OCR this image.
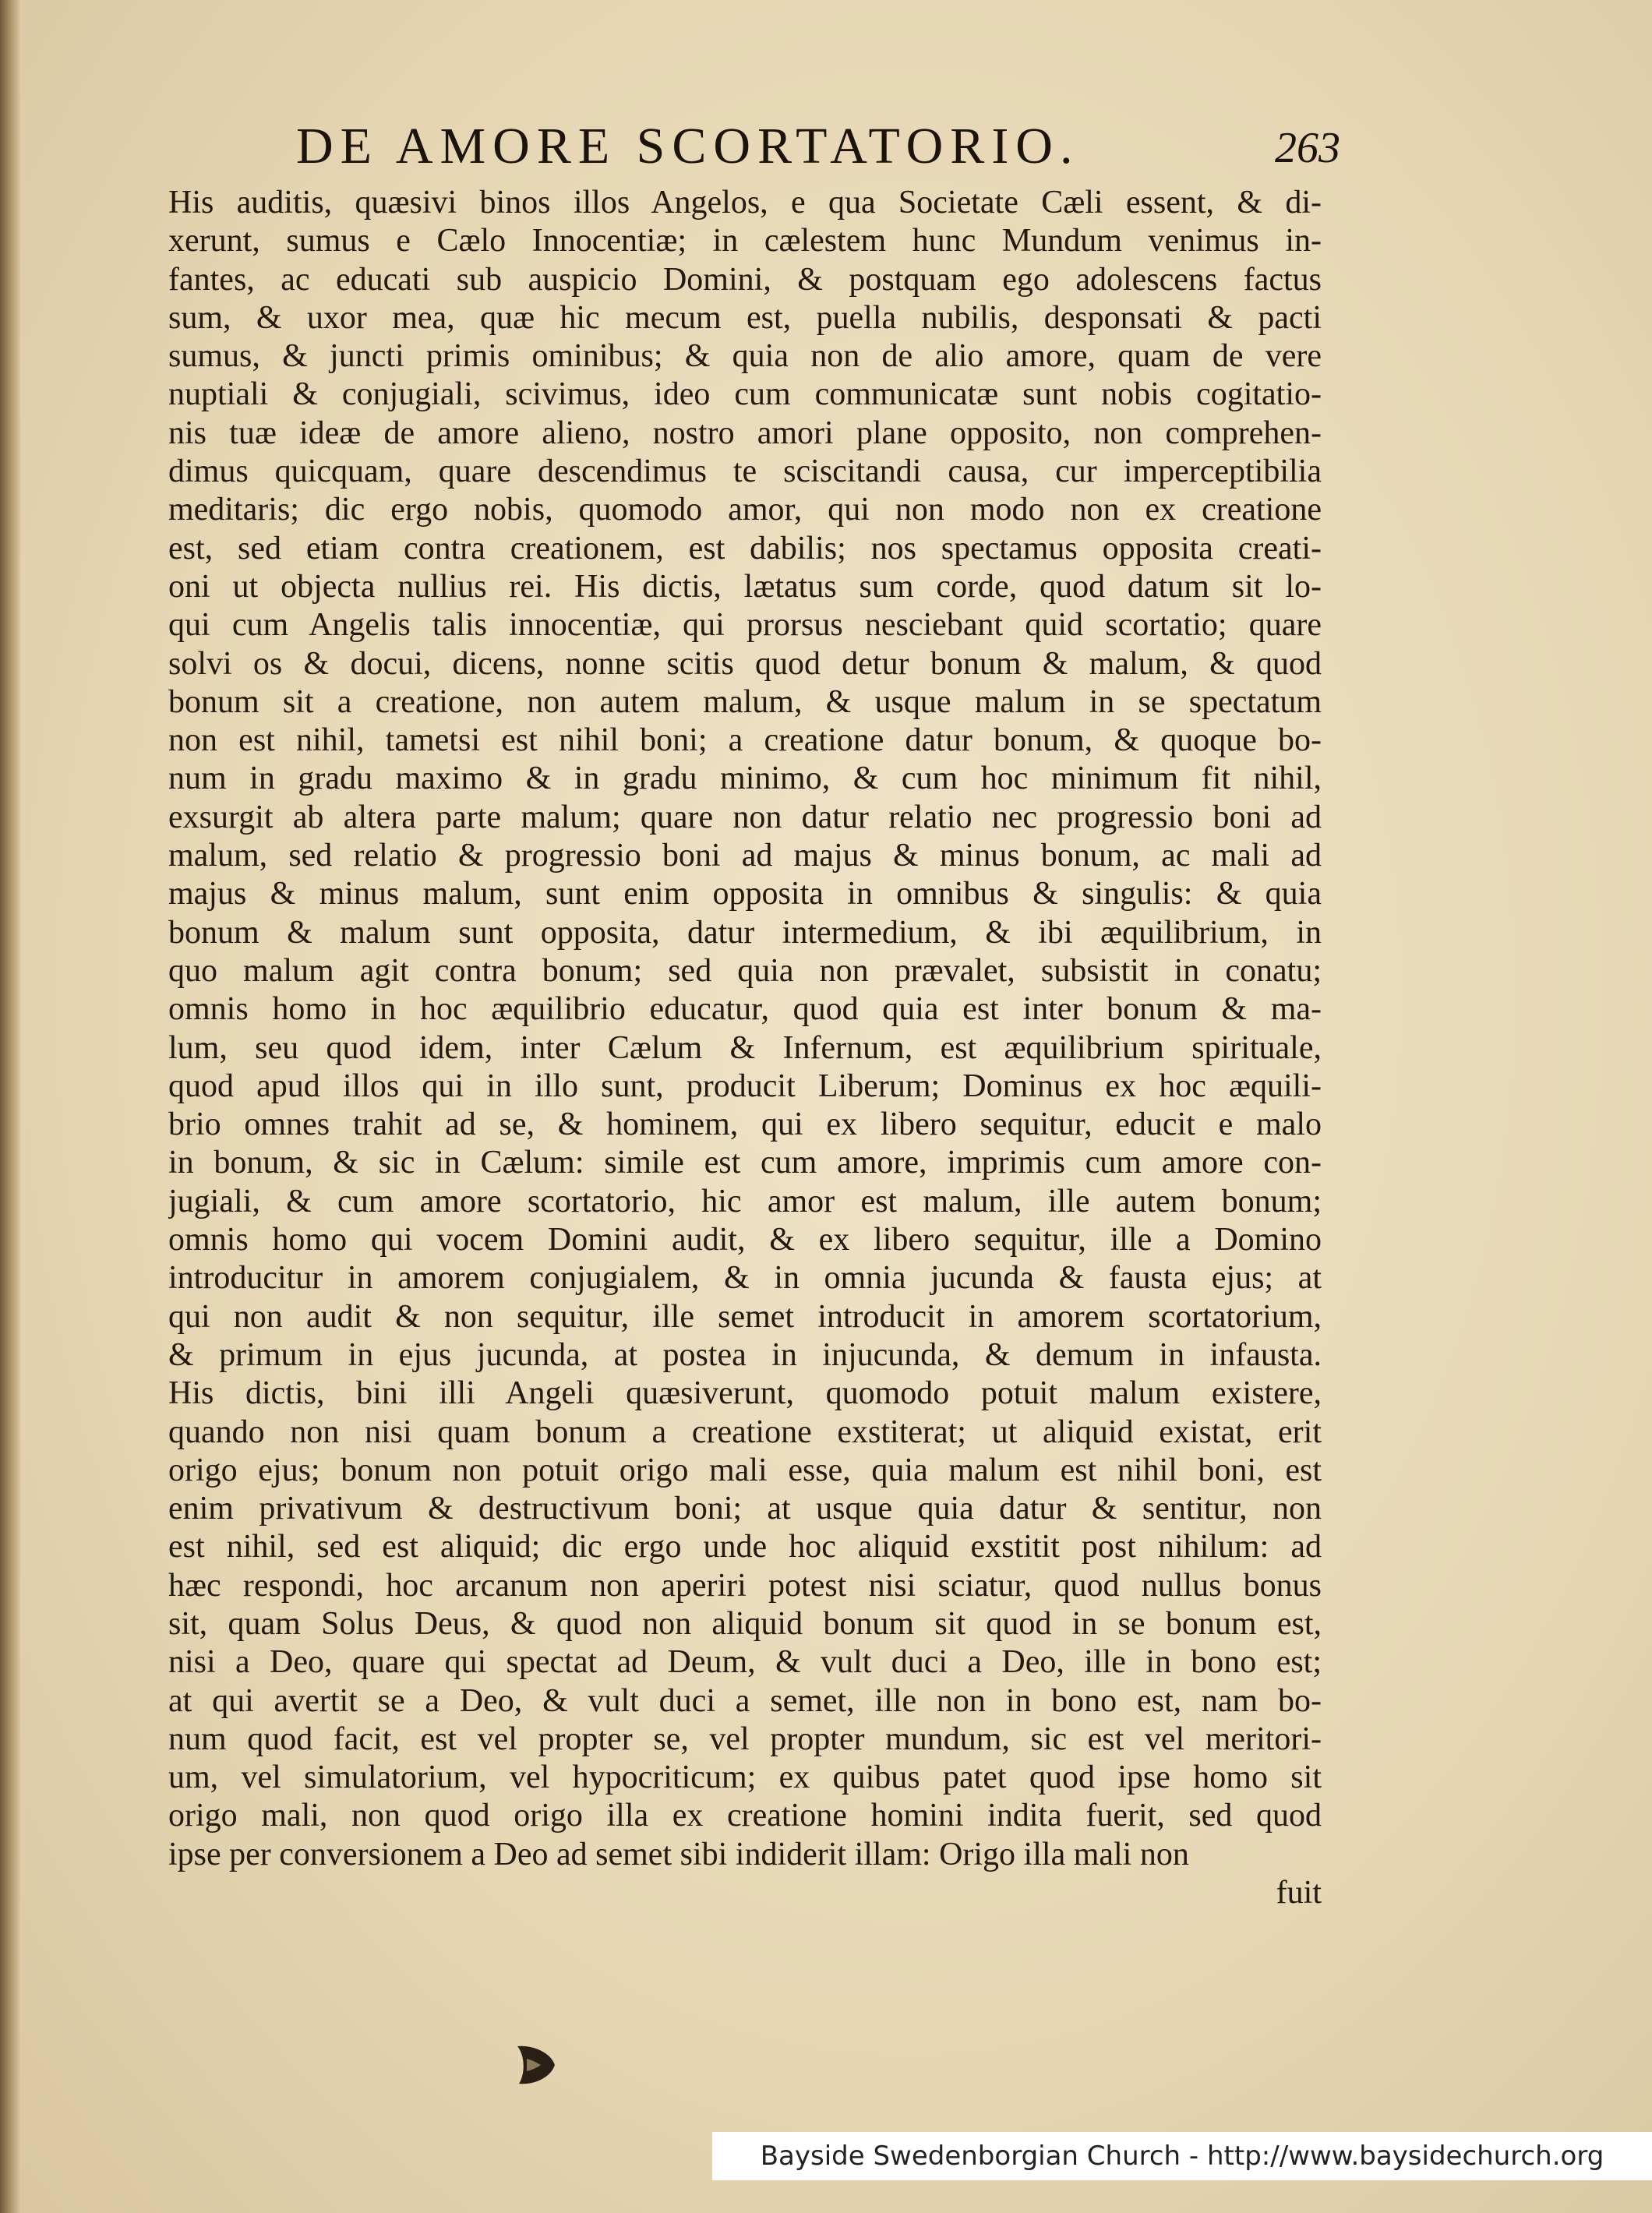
DE AMORE SCORTATORIO.	263
His auditis, quæsivi binos illos Angelos, e qua Societate Cæli essent, & di-
xerunt, sumus e Cælo Innocentiæ; in cælestem hunc Mundum venimus in-
fantes, ac educati sub auspicio Domini, & postquam ego adolescens factus
sum, & uxor mea, quæ hic mecum est, puella nubilis, desponsati & pacti
sumus, & juncti primis ominibus; & quia non de alio amore, quam de vere
nuptiali & conjugiali, scivimus, ideo cum communicatæ sunt nobis cogitatio-
nis tuæ ideæ de amore alieno, nostro amori plane opposito, non comprehen-
dimus quicquam, quare descendimus te sciscitandi causa, cur imperceptibilia
meditaris; dic ergo nobis, quomodo amor, qui non modo non ex creatione
est, sed etiam contra creationem, est dabilis; nos spectamus opposita creati-
oni ut objecta nullius rei. His dictis, lætatus sum corde, quod datum sit lo-
qui cum Angelis talis innocentiæ, qui prorsus nesciebant quid scortatio; quare
solvi os & docui, dicens, nonne scitis quod detur bonum & malum, & quod
bonum sit a creatione, non autem malum, & usque malum in se spectatum
non est nihil, tametsi est nihil boni; a creatione datur bonum, & quoque bo-
num in gradu maximo & in gradu minimo, & cum hoc minimum fit nihil,
exsurgit ab altera parte malum; quare non datur relatio nec progressio boni ad
malum, sed relatio & progressio boni ad majus & minus bonum, ac mali ad
majus & minus malum, sunt enim opposita in omnibus & singulis: & quia
bonum & malum sunt opposita, datur intermedium, & ibi æquilibrium, in
quo malum agit contra bonum; sed quia non prævalet, subsistit in conatu;
omnis homo in hoc æquilibrio educatur, quod quia est inter bonum & ma-
lum, seu quod idem, inter Cælum & Infernum, est æquilibrium spirituale,
quod apud illos qui in illo sunt, producit Liberum; Dominus ex hoc æquili-
brio omnes trahit ad se, & hominem, qui ex libero sequitur, educit e malo
in bonum, & sic in Cælum: simile est cum amore, imprimis cum amore con-
jugiali, & cum amore scortatorio, hic amor est malum, ille autem bonum;
omnis homo qui vocem Domini audit, & ex libero sequitur, ille a Domino
introducitur in amorem conjugialem, & in omnia jucunda & fausta ejus; at
qui non audit & non sequitur, ille semet introducit in amorem scortatorium,
& primum in ejus jucunda, at postea in injucunda, & demum in infausta.
His dictis, bini illi Angeli quæsiverunt, quomodo potuit malum existere,
quando non nisi quam bonum a creatione exstiterat; ut aliquid existat, erit
origo ejus; bonum non potuit origo mali esse, quia malum est nihil boni, est
enim privativum & destructivum boni; at usque quia datur & sentitur, non
est nihil, sed est aliquid; dic ergo unde hoc aliquid exstitit post nihilum: ad
hæc respondi, hoc arcanum non aperiri potest nisi sciatur, quod nullus bonus
sit, quam Solus Deus, & quod non aliquid bonum sit quod in se bonum est,
nisi a Deo, quare qui spectat ad Deum, & vult duci a Deo, ille in bono est;
at qui avertit se a Deo, & vult duci a semet, ille non in bono est, nam bo-
num quod facit, est vel propter se, vel propter mundum, sic est vel meritori-
um, vel simulatorium, vel hypocriticum; ex quibus patet quod ipse homo sit
origo mali, non quod origo illa ex creatione homini indita fuerit, sed quod
ipse per conversionem a Deo ad semet sibi indiderit illam: Origo illa mali non
fuit
Bayside Swedenborgian Church - http://www.baysidechurch.org
